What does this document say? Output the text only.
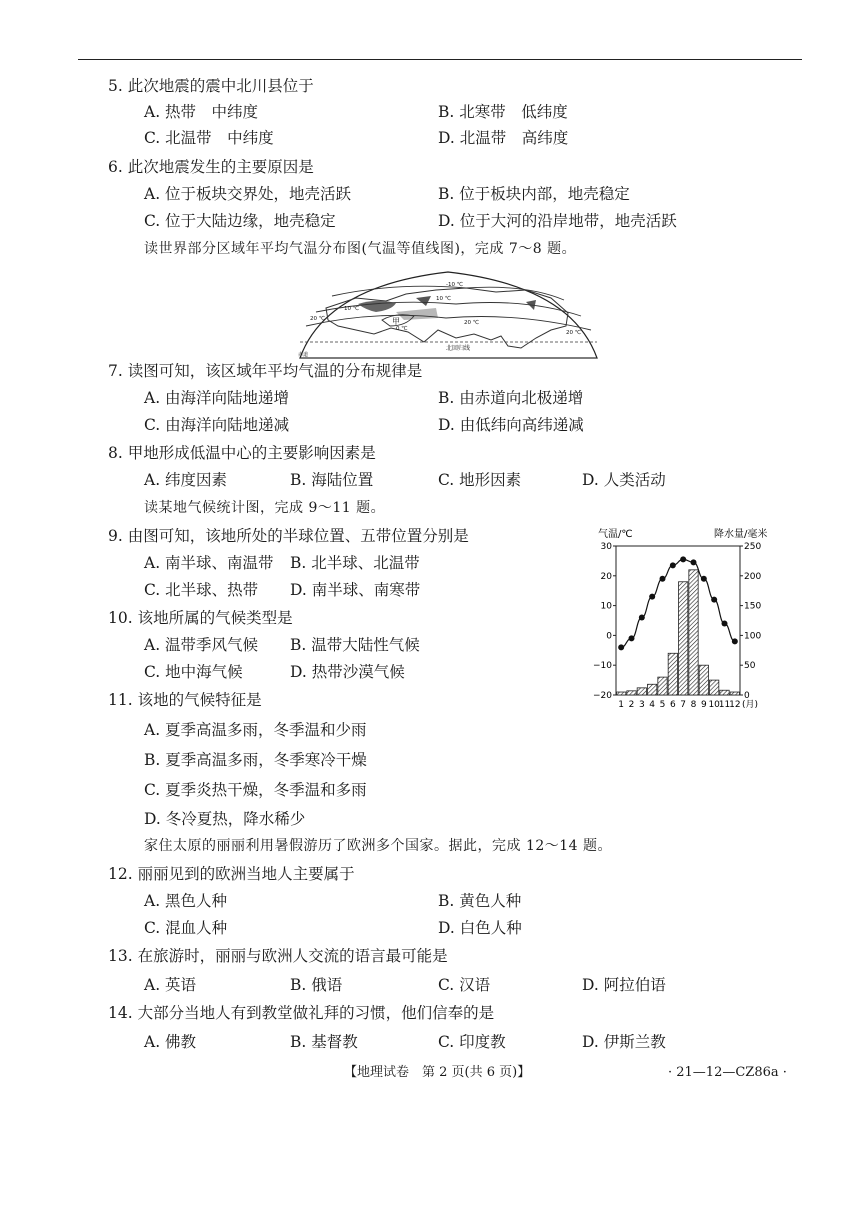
5. 此次地震的震中北川县位于
A. 热带　中纬度	B. 北寒带　低纬度
C. 北温带　中纬度	D. 北温带　高纬度
6. 此次地震发生的主要原因是
A. 位于板块交界处，地壳活跃	B. 位于板块内部，地壳稳定
C. 位于大陆边缘，地壳稳定	D. 位于大河的沿岸地带，地壳活跃
读世界部分区域年平均气温分布图(气温等值线图)，完成 7～8 题。
甲
北回归线
赤道
0 ℃
-10 ℃
10 ℃
20 ℃
20 ℃
10 ℃
20 ℃
7. 读图可知，该区域年平均气温的分布规律是
A. 由海洋向陆地递增	B. 由赤道向北极递增
C. 由海洋向陆地递减	D. 由低纬向高纬递减
8. 甲地形成低温中心的主要影响因素是
A. 纬度因素	B. 海陆位置	C. 地形因素	D. 人类活动
读某地气候统计图，完成 9～11 题。
9. 由图可知，该地所处的半球位置、五带位置分别是
A. 南半球、南温带 B. 北半球、北温带
C. 北半球、热带 D. 南半球、南寒带
10. 该地所属的气候类型是
A. 温带季风气候 B. 温带大陆性气候
C. 地中海气候	D. 热带沙漠气候
11. 该地的气候特征是
A. 夏季高温多雨，冬季温和少雨
B. 夏季高温多雨，冬季寒冷干燥
C. 夏季炎热干燥，冬季温和多雨
D. 冬冷夏热，降水稀少
家住太原的丽丽利用暑假游历了欧洲多个国家。据此，完成 12～14 题。
12. 丽丽见到的欧洲当地人主要属于
A. 黑色人种	B. 黄色人种
C. 混血人种	D. 白色人种
13. 在旅游时，丽丽与欧洲人交流的语言最可能是
A. 英语	B. 俄语	C. 汉语	D. 阿拉伯语
14. 大部分当地人有到教堂做礼拜的习惯，他们信奉的是
A. 佛教	B. 基督教	C. 印度教	D. 伊斯兰教
【地理试卷　第 2 页(共 6 页)】	· 21—12—CZ86a ·
气温/℃	降水量/毫米
30
20
10
0
−10
−20
250
200
150
100
50
0
1 2 3 4 5 6 7 8 9 10
11
12 (月)
